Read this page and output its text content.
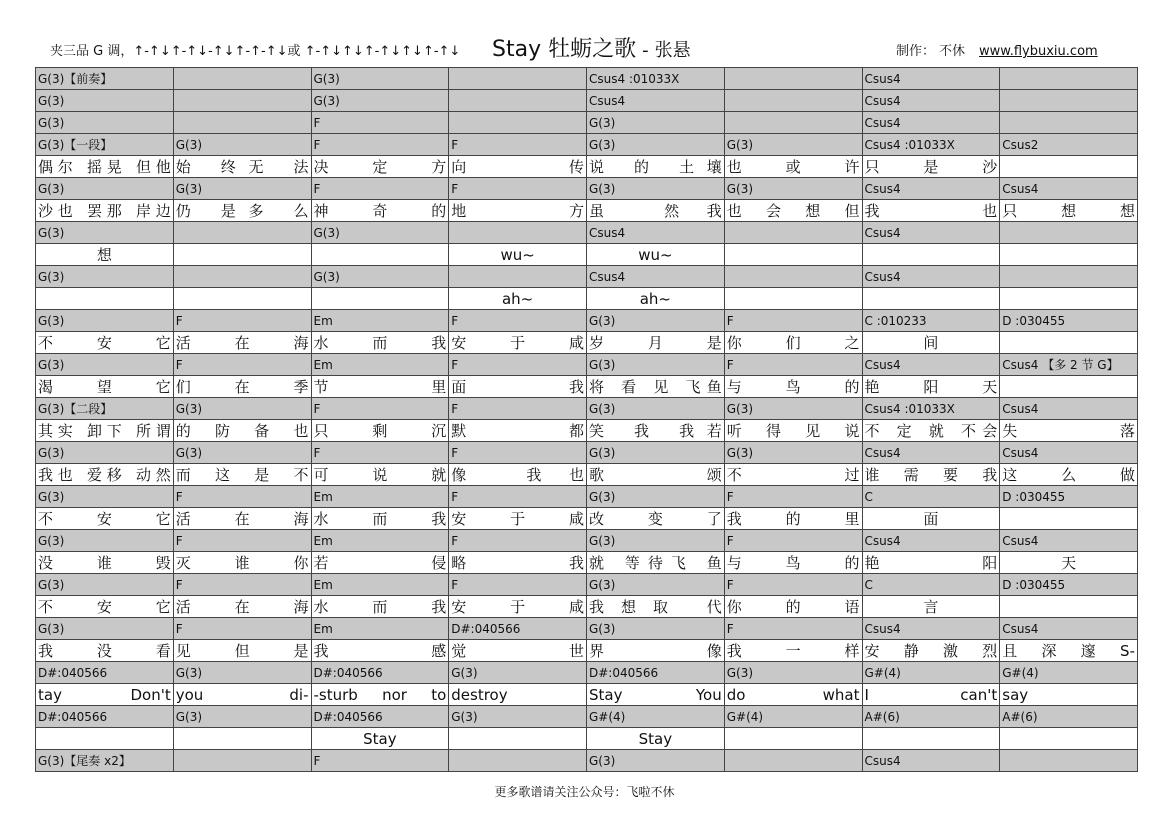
夹三品 G 调，↑-↑↓↑-↑↓-↑↓↑-↑-↑↓或 ↑-↑↓↑↓↑-↑↓↑↓↑-↑↓ Stay 牡蛎之歌 - 张悬	制作： 不休 www.flybuxiu.com
G(3)【前奏】		G(3)		Csus4 :01033X		Csus4	
G(3)		G(3)		Csus4		Csus4	
G(3)		F		G(3)		Csus4	
G(3)【一段】	G(3)	F	F	G(3)	G(3)	Csus4 :01033X	Csus2

偶尔 摇晃 但他	始 终无 法	决 定 方	向 传	说 的 土壤	也 或 许	只 是 沙	

G(3)	G(3)	F	F	G(3)	G(3)	Csus4	Csus4

沙也 罢那 岸边	仍 是多 么	神 奇 的	地 方	虽 然我	也 会 想 但	我 也	只 想 想

G(3)		G(3)		Csus4		Csus4	

想			wu~	wu~			

G(3)		G(3)		Csus4		Csus4	

			ah~	ah~			

G(3)	F	Em	F	G(3)	F	C :010233	D :030455

不 安 它	活 在 海	水 而 我	安 于 咸	岁 月 是	你 们 之	间	

G(3)	F	Em	F	G(3)	F	Csus4	Csus4 【多 2 节 G】

渴 望 它	们 在 季	节 里	面 我	将 看 见 飞鱼	与 鸟 的	艳 阳 天	

G(3)【二段】	G(3)	F	F	G(3)	G(3)	Csus4 :01033X	Csus4

其实 卸下 所谓	的 防 备 也	只 剩 沉	默 都	笑 我 我若	听 得 见 说	不 定 就 不会	失 落

G(3)	G(3)	F	F	G(3)	G(3)	Csus4	Csus4

我也 爱移 动然	而 这 是 不	可 说 就	像 我也	歌 颂	不 过	谁 需 要 我	这 么 做

G(3)	F	Em	F	G(3)	F	C	D :030455

不 安 它	活 在 海	水 而 我	安 于 咸	改 变 了	我 的 里	面	

G(3)	F	Em	F	G(3)	F	Csus4	Csus4

没 谁 毁	灭 谁 你	若 侵	略 我	就 等待飞 鱼	与 鸟 的	艳 阳	天

G(3)	F	Em	F	G(3)	F	C	D :030455

不 安 它	活 在 海	水 而 我	安 于 咸	我想取 代	你 的 语	言	

G(3)	F	Em	D#:040566	G(3)	F	Csus4	Csus4

我 没 看	见 但 是	我 感	觉 世	界 像	我 一 样	安 静 激 烈	且 深 邃 S-

D#:040566	G(3)	D#:040566	G(3)	D#:040566	G(3)	G#(4)	G#(4)

tay Don't	you di-	-sturb nor to	destroy	Stay You	do what	I can't	say

D#:040566	G(3)	D#:040566	G(3)	G#(4)	G#(4)	A#(6)	A#(6)

		Stay		Stay			

G(3)【尾奏 x2】		F		G(3)		Csus4	
更多歌谱请关注公众号：飞啦不休
